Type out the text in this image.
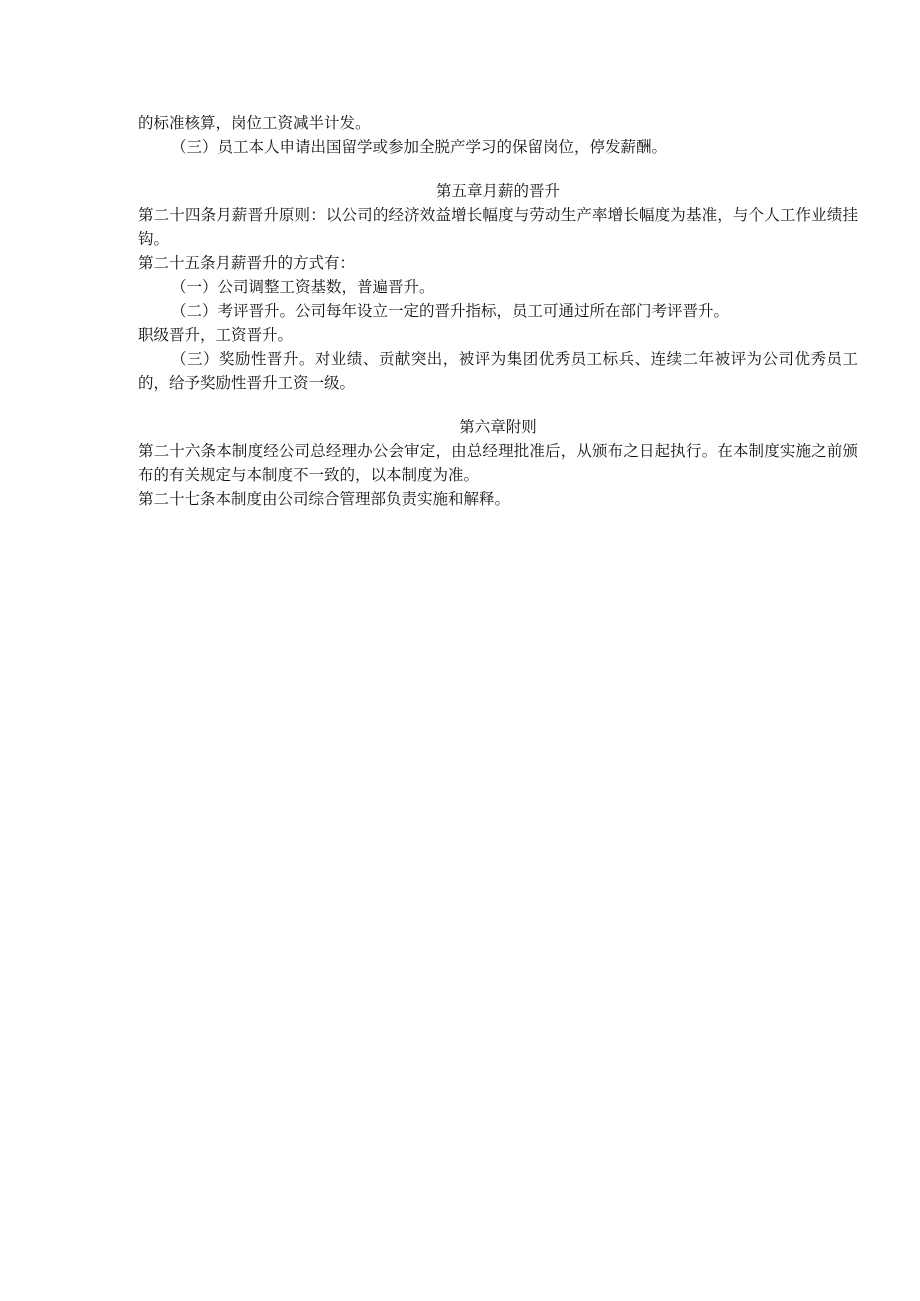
的标准核算，岗位工资减半计发。

（三）员工本人申请出国留学或参加全脱产学习的保留岗位，停发薪酬。

第五章月薪的晋升

第二十四条月薪晋升原则：以公司的经济效益增长幅度与劳动生产率增长幅度为基准，与个人工作业绩挂钩。

第二十五条月薪晋升的方式有：

（一）公司调整工资基数，普遍晋升。

（二）考评晋升。公司每年设立一定的晋升指标，员工可通过所在部门考评晋升。

职级晋升，工资晋升。

（三）奖励性晋升。对业绩、贡献突出，被评为集团优秀员工标兵、连续二年被评为公司优秀员工的，给予奖励性晋升工资一级。

第六章附则

第二十六条本制度经公司总经理办公会审定，由总经理批准后，从颁布之日起执行。在本制度实施之前颁布的有关规定与本制度不一致的，以本制度为准。

第二十七条本制度由公司综合管理部负责实施和解释。
